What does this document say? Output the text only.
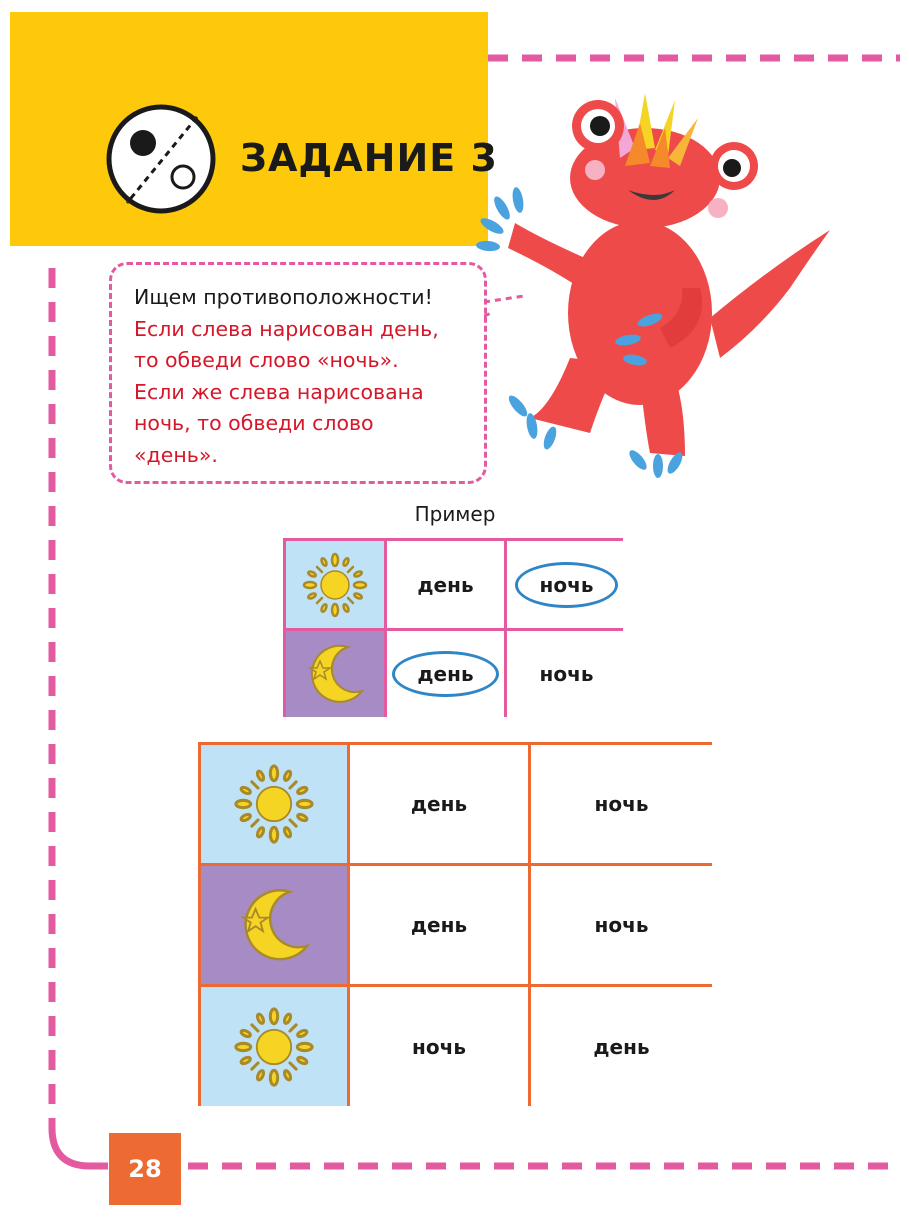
ЗАДАНИЕ 3
Ищем противоположности!
Если слева нарисован день,
то обведи слово «ночь».
Если же слева нарисована
ночь, то обведи слово
«день».
Пример
день	ночь
день	ночь
день	ночь
день	ночь
ночь	день
28
